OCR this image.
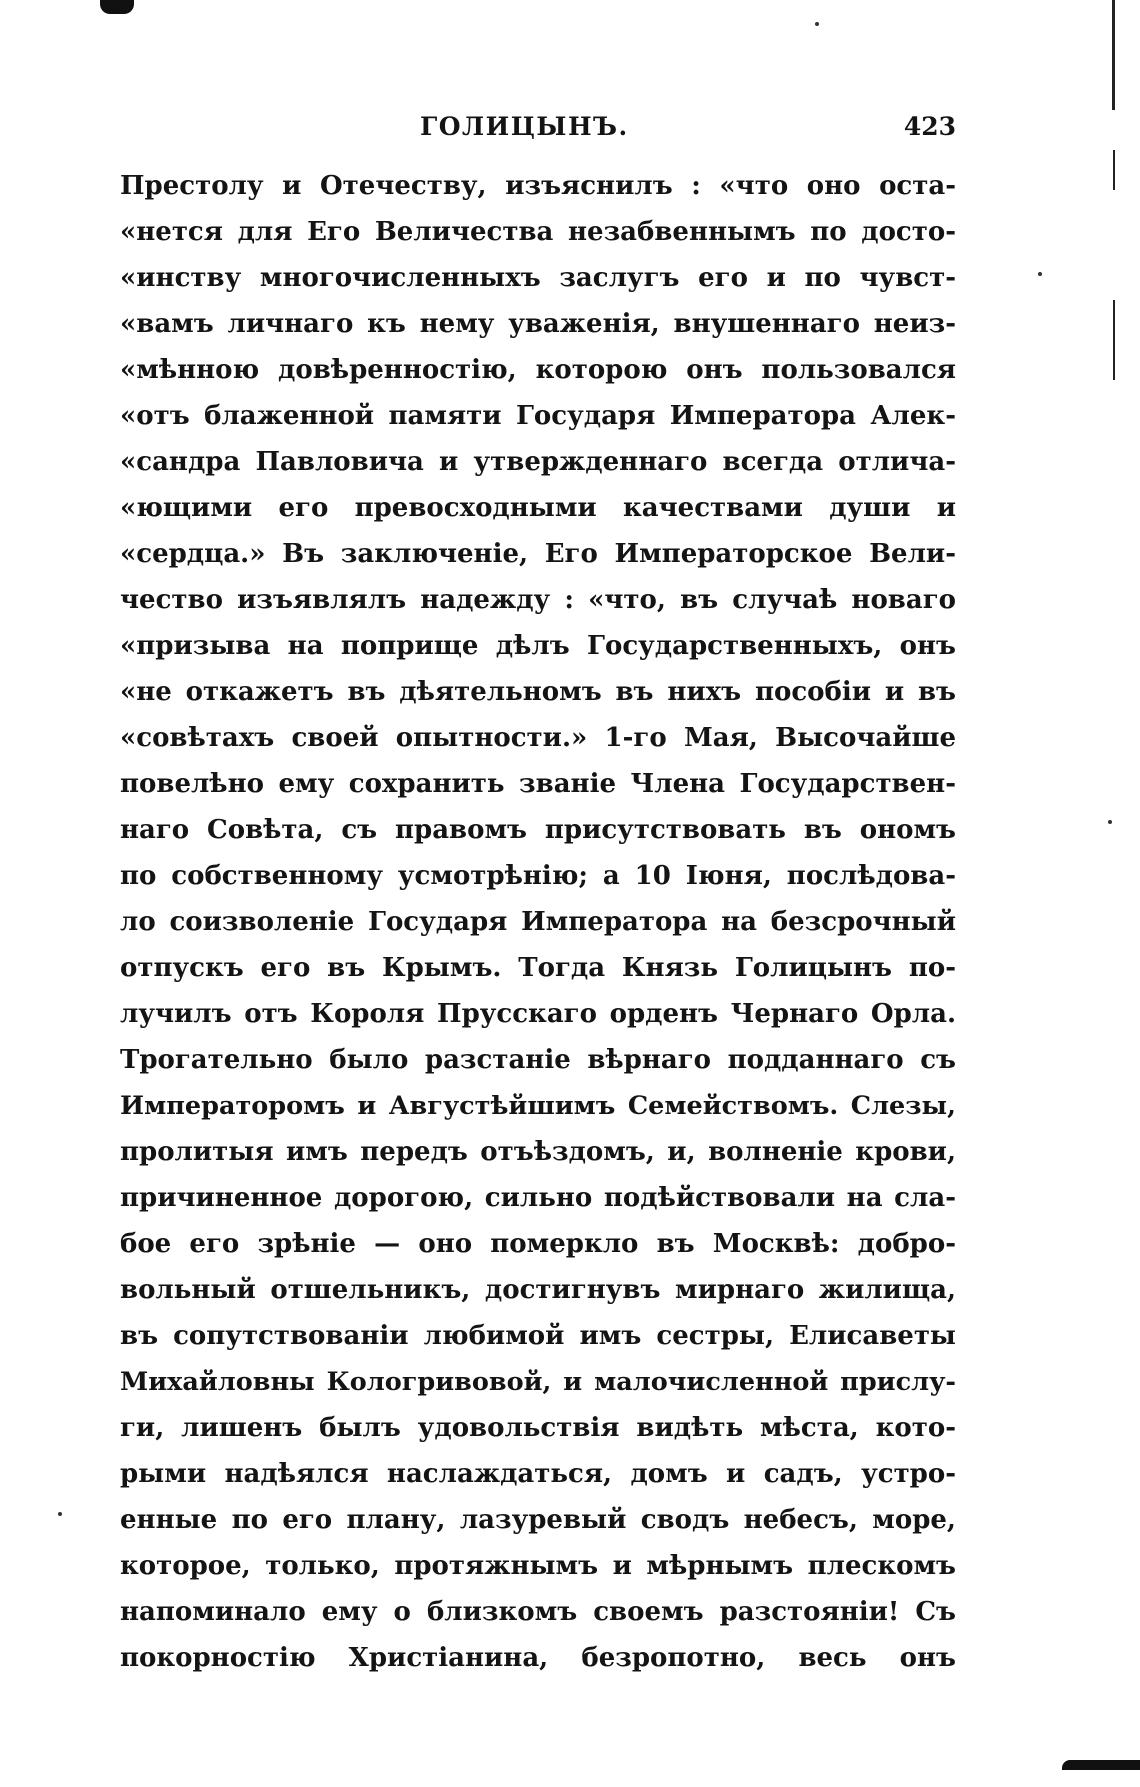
ГОЛИЦЫНЪ.	423
Престолу и Отечеству, изъяснилъ : «что оно оста-
«нется для Его Величества незабвеннымъ по досто-
«инству многочисленныхъ заслугъ его и по чувст-
«вамъ личнаго къ нему уваженія, внушеннаго неиз-
«мѣнною довѣренностію, которою онъ пользовался
«отъ блаженной памяти Государя Императора Алек-
«сандра Павловича и утвержденнаго всегда отлича-
«ющими его превосходными качествами души и
«сердца.» Въ заключеніе, Его Императорское Вели-
чество изъявлялъ надежду : «что, въ случаѣ новаго
«призыва на поприще дѣлъ Государственныхъ, онъ
«не откажетъ въ дѣятельномъ въ нихъ пособіи и въ
«совѣтахъ своей опытности.» 1-го Мая, Высочайше
повелѣно ему сохранить званіе Члена Государствен-
наго Совѣта, съ правомъ присутствовать въ ономъ
по собственному усмотрѣнію; а 10 Іюня, послѣдова-
ло соизволеніе Государя Императора на безсрочный
отпускъ его въ Крымъ. Тогда Князь Голицынъ по-
лучилъ отъ Короля Прусскаго орденъ Чернаго Орла.
Трогательно было разстаніе вѣрнаго подданнаго съ
Императоромъ и Августѣйшимъ Семействомъ. Слезы,
пролитыя имъ передъ отъѣздомъ, и, волненіе крови,
причиненное дорогою, сильно подѣйствовали на сла-
бое его зрѣніе — оно померкло въ Москвѣ: добро-
вольный отшельникъ, достигнувъ мирнаго жилища,
въ сопутствованіи любимой имъ сестры, Елисаветы
Михайловны Кологривовой, и малочисленной прислу-
ги, лишенъ былъ удовольствія видѣть мѣста, кото-
рыми надѣялся наслаждаться, домъ и садъ, устро-
енные по его плану, лазуревый сводъ небесъ, море,
которое, только, протяжнымъ и мѣрнымъ плескомъ
напоминало ему о близкомъ своемъ разстояніи! Съ
покорностію Христіанина, безропотно, весь онъ
